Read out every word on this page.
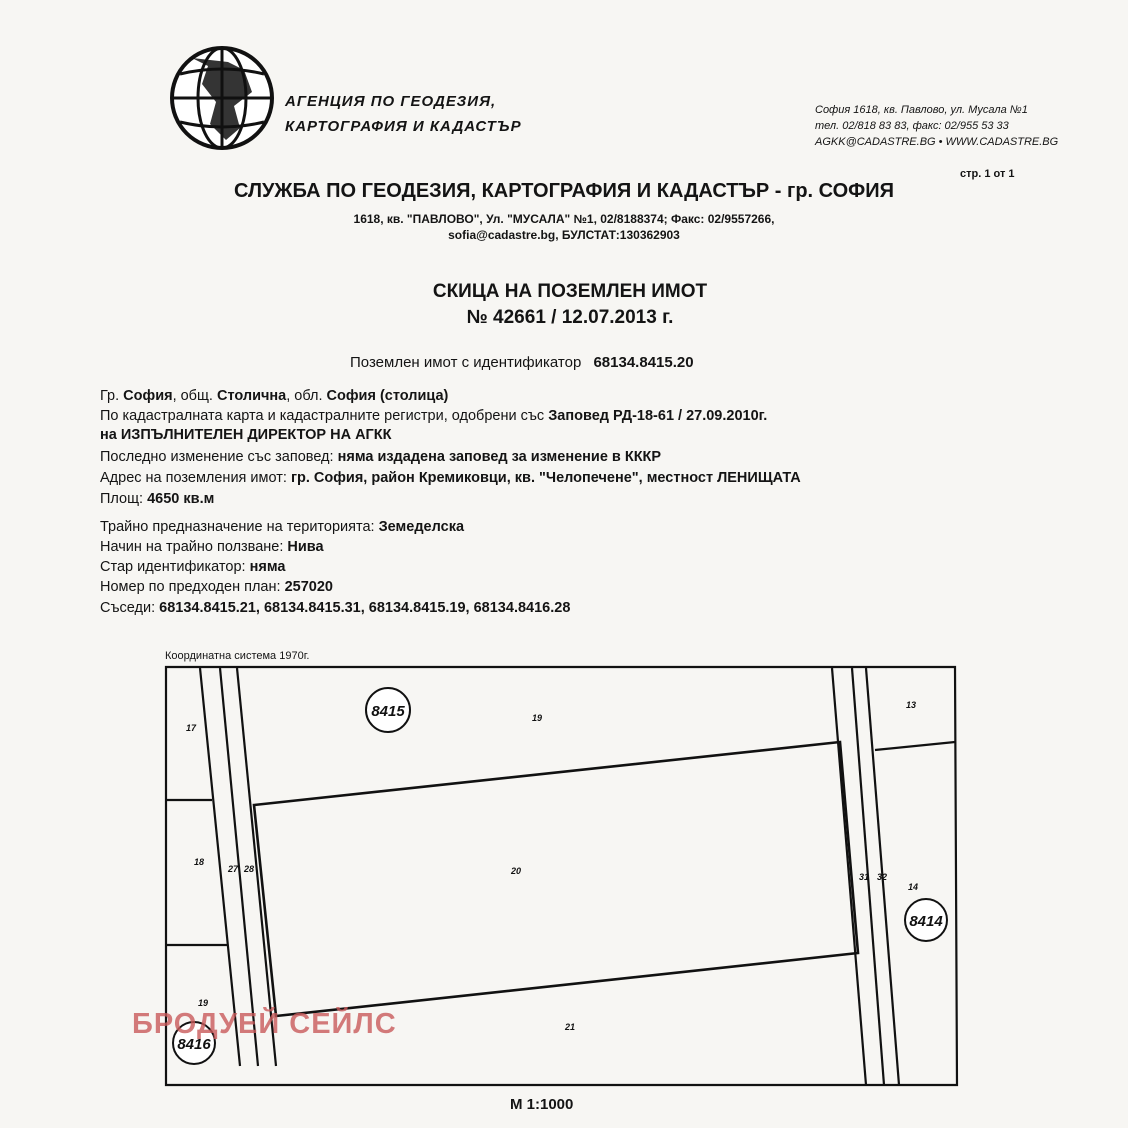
АГЕНЦИЯ ПО ГЕОДЕЗИЯ,
КАРТОГРАФИЯ И КАДАСТЪР
София 1618, кв. Павлово, ул. Мусала №1
тел. 02/818 83 83, факс: 02/955 53 33
AGKK@CADASTRE.BG • WWW.CADASTRE.BG
стр. 1 от 1
СЛУЖБА ПО ГЕОДЕЗИЯ, КАРТОГРАФИЯ И КАДАСТЪР - гр. СОФИЯ
1618, кв. "ПАВЛОВО", Ул. "МУСАЛА" №1, 02/8188374; Факс: 02/9557266,
sofia@cadastre.bg, БУЛСТАТ:130362903
СКИЦА НА ПОЗЕМЛЕН ИМОТ
№ 42661 / 12.07.2013 г.
Поземлен имот с идентификатор 68134.8415.20
Гр. София, общ. Столична, обл. София (столица)
По кадастралната карта и кадастралните регистри, одобрени със Заповед РД-18-61 / 27.09.2010г.
на ИЗПЪЛНИТЕЛЕН ДИРЕКТОР НА АГКК
Последно изменение със заповед: няма издадена заповед за изменение в КККР
Адрес на поземления имот: гр. София, район Кремиковци, кв. "Челопечене", местност ЛЕНИЩАТА
Площ: 4650 кв.м
Трайно предназначение на територията: Земеделска
Начин на трайно ползване: Нива
Стар идентификатор: няма
Номер по предходен план: 257020
Съседи: 68134.8415.21, 68134.8415.31, 68134.8415.19, 68134.8416.28
Координатна система 1970г.
8415
8414
8416
17
18
19
27 28
19
20
21
31 32
13
14
БРОДУЕЙ СЕЙЛС
М 1:1000
